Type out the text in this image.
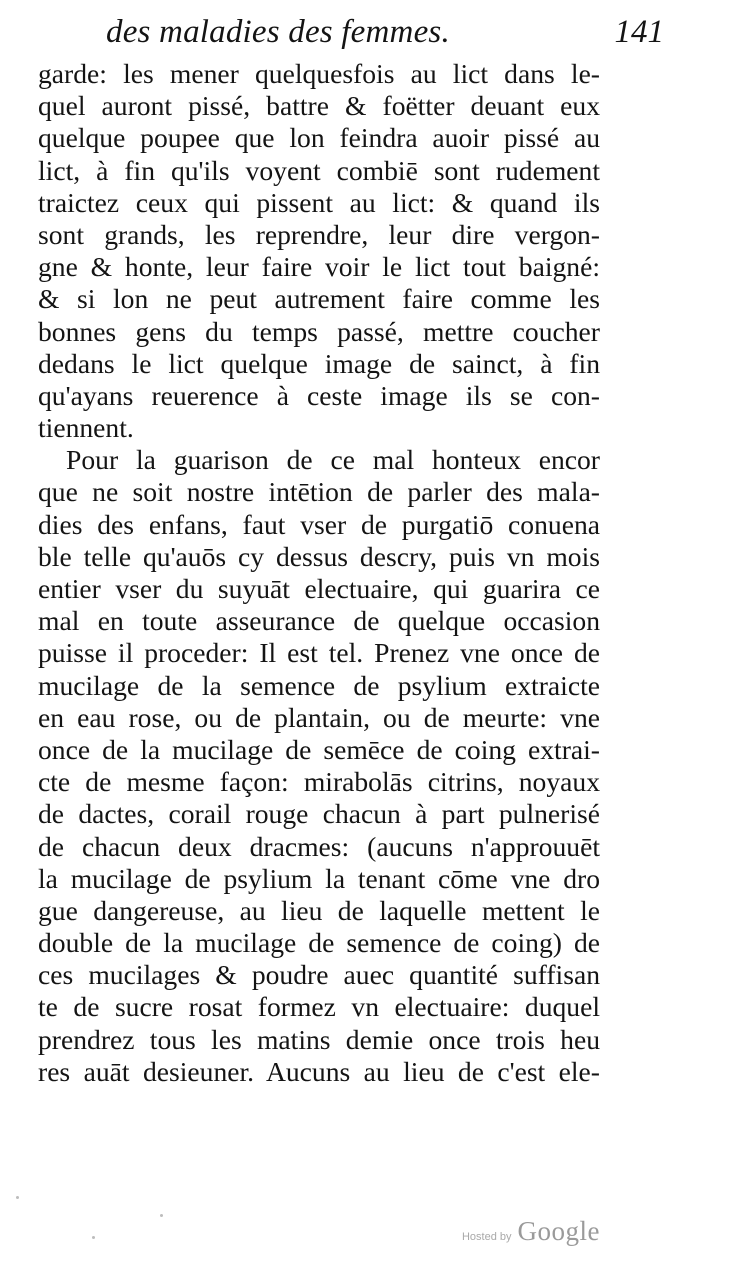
des maladies des femmes.	141
garde: les mener quelquesfois au lict dans le-
quel auront pissé, battre & foëtter deuant eux
quelque poupee que lon feindra auoir pissé au
lict, à fin qu'ils voyent combiē sont rudement
traictez ceux qui pissent au lict: & quand ils
sont grands, les reprendre, leur dire vergon-
gne & honte, leur faire voir le lict tout baigné:
& si lon ne peut autrement faire comme les
bonnes gens du temps passé, mettre coucher
dedans le lict quelque image de sainct, à fin
qu'ayans reuerence à ceste image ils se con-
tiennent.
Pour la guarison de ce mal honteux encor
que ne soit nostre intētion de parler des mala-
dies des enfans, faut vser de purgatiō conuena
ble telle qu'auōs cy dessus descry, puis vn mois
entier vser du suyuāt electuaire, qui guarira ce
mal en toute asseurance de quelque occasion
puisse il proceder: Il est tel. Prenez vne once de
mucilage de la semence de psylium extraicte
en eau rose, ou de plantain, ou de meurte: vne
once de la mucilage de semēce de coing extrai-
cte de mesme façon: mirabolās citrins, noyaux
de dactes, corail rouge chacun à part pulnerisé
de chacun deux dracmes: (aucuns n'approuuēt
la mucilage de psylium la tenant cōme vne dro
gue dangereuse, au lieu de laquelle mettent le
double de la mucilage de semence de coing) de
ces mucilages & poudre auec quantité suffisan
te de sucre rosat formez vn electuaire: duquel
prendrez tous les matins demie once trois heu
res auāt desieuner. Aucuns au lieu de c'est ele-
Hosted by Google
